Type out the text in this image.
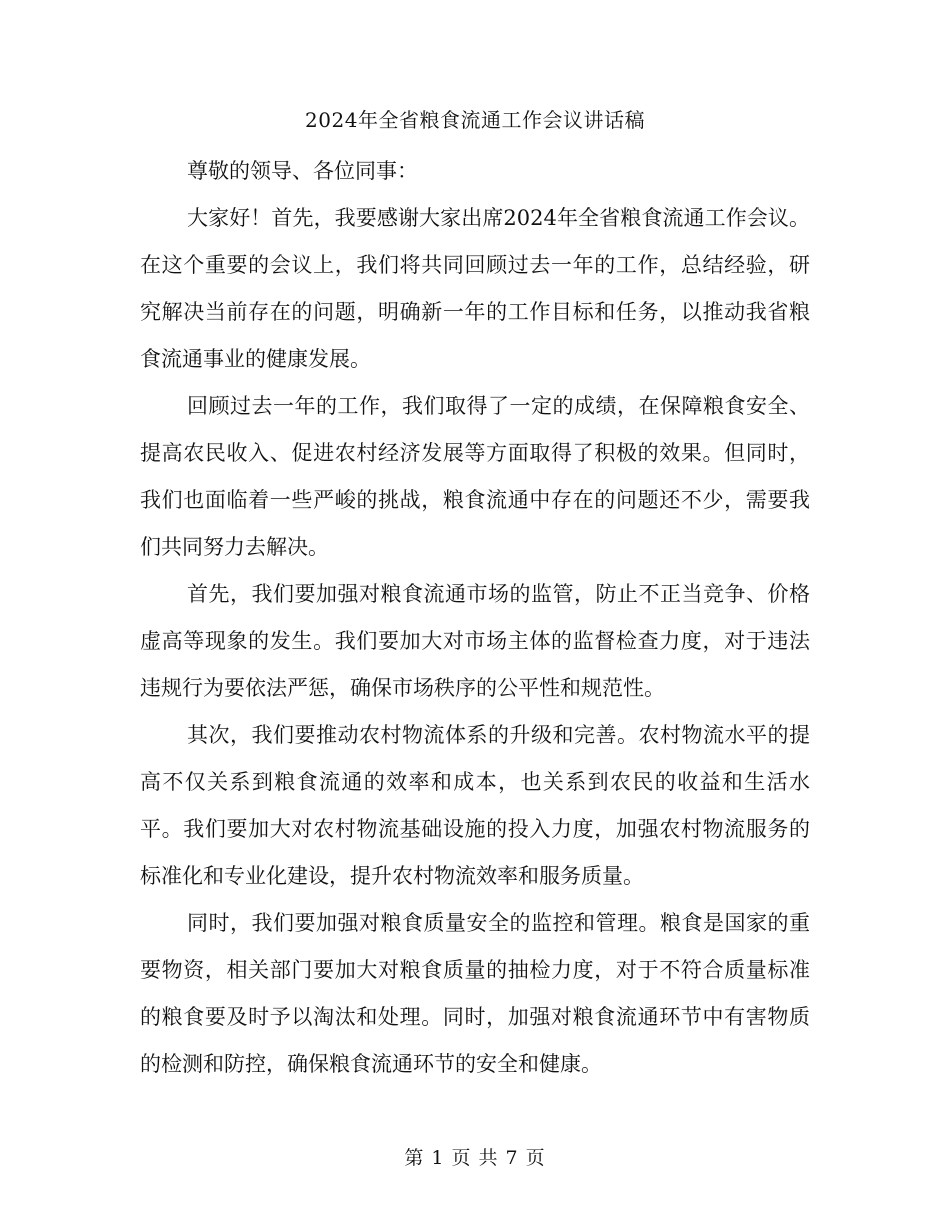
2024年全省粮食流通工作会议讲话稿

尊敬的领导、各位同事：

大家好！首先，我要感谢大家出席2024年全省粮食流通工作会议。在这个重要的会议上，我们将共同回顾过去一年的工作，总结经验，研究解决当前存在的问题，明确新一年的工作目标和任务，以推动我省粮食流通事业的健康发展。

回顾过去一年的工作，我们取得了一定的成绩，在保障粮食安全、提高农民收入、促进农村经济发展等方面取得了积极的效果。但同时，我们也面临着一些严峻的挑战，粮食流通中存在的问题还不少，需要我们共同努力去解决。

首先，我们要加强对粮食流通市场的监管，防止不正当竞争、价格虚高等现象的发生。我们要加大对市场主体的监督检查力度，对于违法违规行为要依法严惩，确保市场秩序的公平性和规范性。

其次，我们要推动农村物流体系的升级和完善。农村物流水平的提高不仅关系到粮食流通的效率和成本，也关系到农民的收益和生活水平。我们要加大对农村物流基础设施的投入力度，加强农村物流服务的标准化和专业化建设，提升农村物流效率和服务质量。

同时，我们要加强对粮食质量安全的监控和管理。粮食是国家的重要物资，相关部门要加大对粮食质量的抽检力度，对于不符合质量标准的粮食要及时予以淘汰和处理。同时，加强对粮食流通环节中有害物质的检测和防控，确保粮食流通环节的安全和健康。

第 1 页 共 7 页
